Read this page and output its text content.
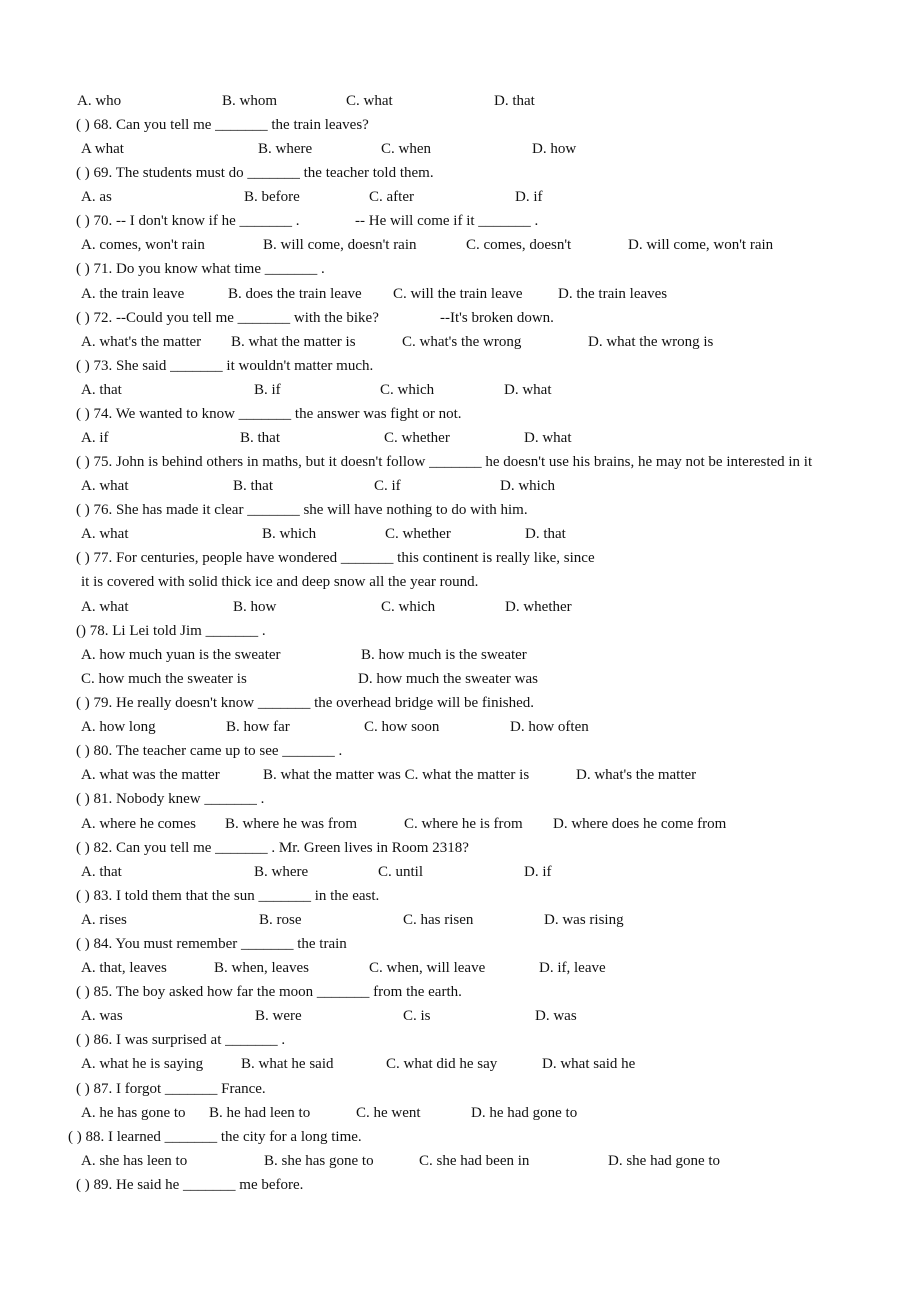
A. who	B. whom	C. what	D. that
( ) 68. Can you tell me _______ the train leaves?
A what	B. where	C. when	D. how
( ) 69. The students must do _______ the teacher told them.
A. as	B. before	C. after	D. if
( ) 70. -- I don't know if he _______ .	-- He will come if it _______ .
A. comes, won't rain	B. will come, doesn't rain	C. comes, doesn't	D. will come, won't rain
( ) 71. Do you know what time _______ .
A. the train leave	B. does the train leave C. will the train leave D. the train leaves
( ) 72. --Could you tell me _______ with the bike?	--It's broken down.
A. what's the matter B. what the matter is	C. what's the wrong	D. what the wrong is
( ) 73. She said _______ it wouldn't matter much.
A. that	B. if	C. which	D. what
( ) 74. We wanted to know _______ the answer was fight or not.
A. if	B. that	C. whether	D. what
( ) 75. John is behind others in maths, but it doesn't follow _______ he doesn't use his brains, he may not be interested in it
A. what	B. that	C. if	D. which
( ) 76. She has made it clear _______ she will have nothing to do with him.
A. what	B. which	C. whether	D. that
( ) 77. For centuries, people have wondered _______ this continent is really like, since
it is covered with solid thick ice and deep snow all the year round.
A. what	B. how	C. which	D. whether
() 78. Li Lei told Jim _______ .
A. how much yuan is the sweater	B. how much is the sweater
C. how much the sweater is	D. how much the sweater was
( ) 79. He really doesn't know _______ the overhead bridge will be finished.
A. how long	B. how far	C. how soon	D. how often
( ) 80. The teacher came up to see _______ .
A. what was the matter	B. what the matter was C. what the matter is	D. what's the matter
( ) 81. Nobody knew _______ .
A. where he comes B. where he was from	C. where he is from D. where does he come from
( ) 82. Can you tell me _______ . Mr. Green lives in Room 2318?
A. that	B. where	C. until	D. if
( ) 83. I told them that the sun _______ in the east.
A. rises	B. rose	C. has risen	D. was rising
( ) 84. You must remember _______ the train
A. that, leaves	B. when, leaves	C. when, will leave	D. if, leave
( ) 85. The boy asked how far the moon _______ from the earth.
A. was	B. were	C. is	D. was
( ) 86. I was surprised at _______ .
A. what he is saying	B. what he said	C. what did he say	D. what said he
( ) 87. I forgot _______ France.
A. he has gone to B. he had leen to	C. he went	D. he had gone to
( ) 88. I learned _______ the city for a long time.
A. she has leen to	B. she has gone to	C. she had been in	D. she had gone to
( ) 89. He said he _______ me before.
